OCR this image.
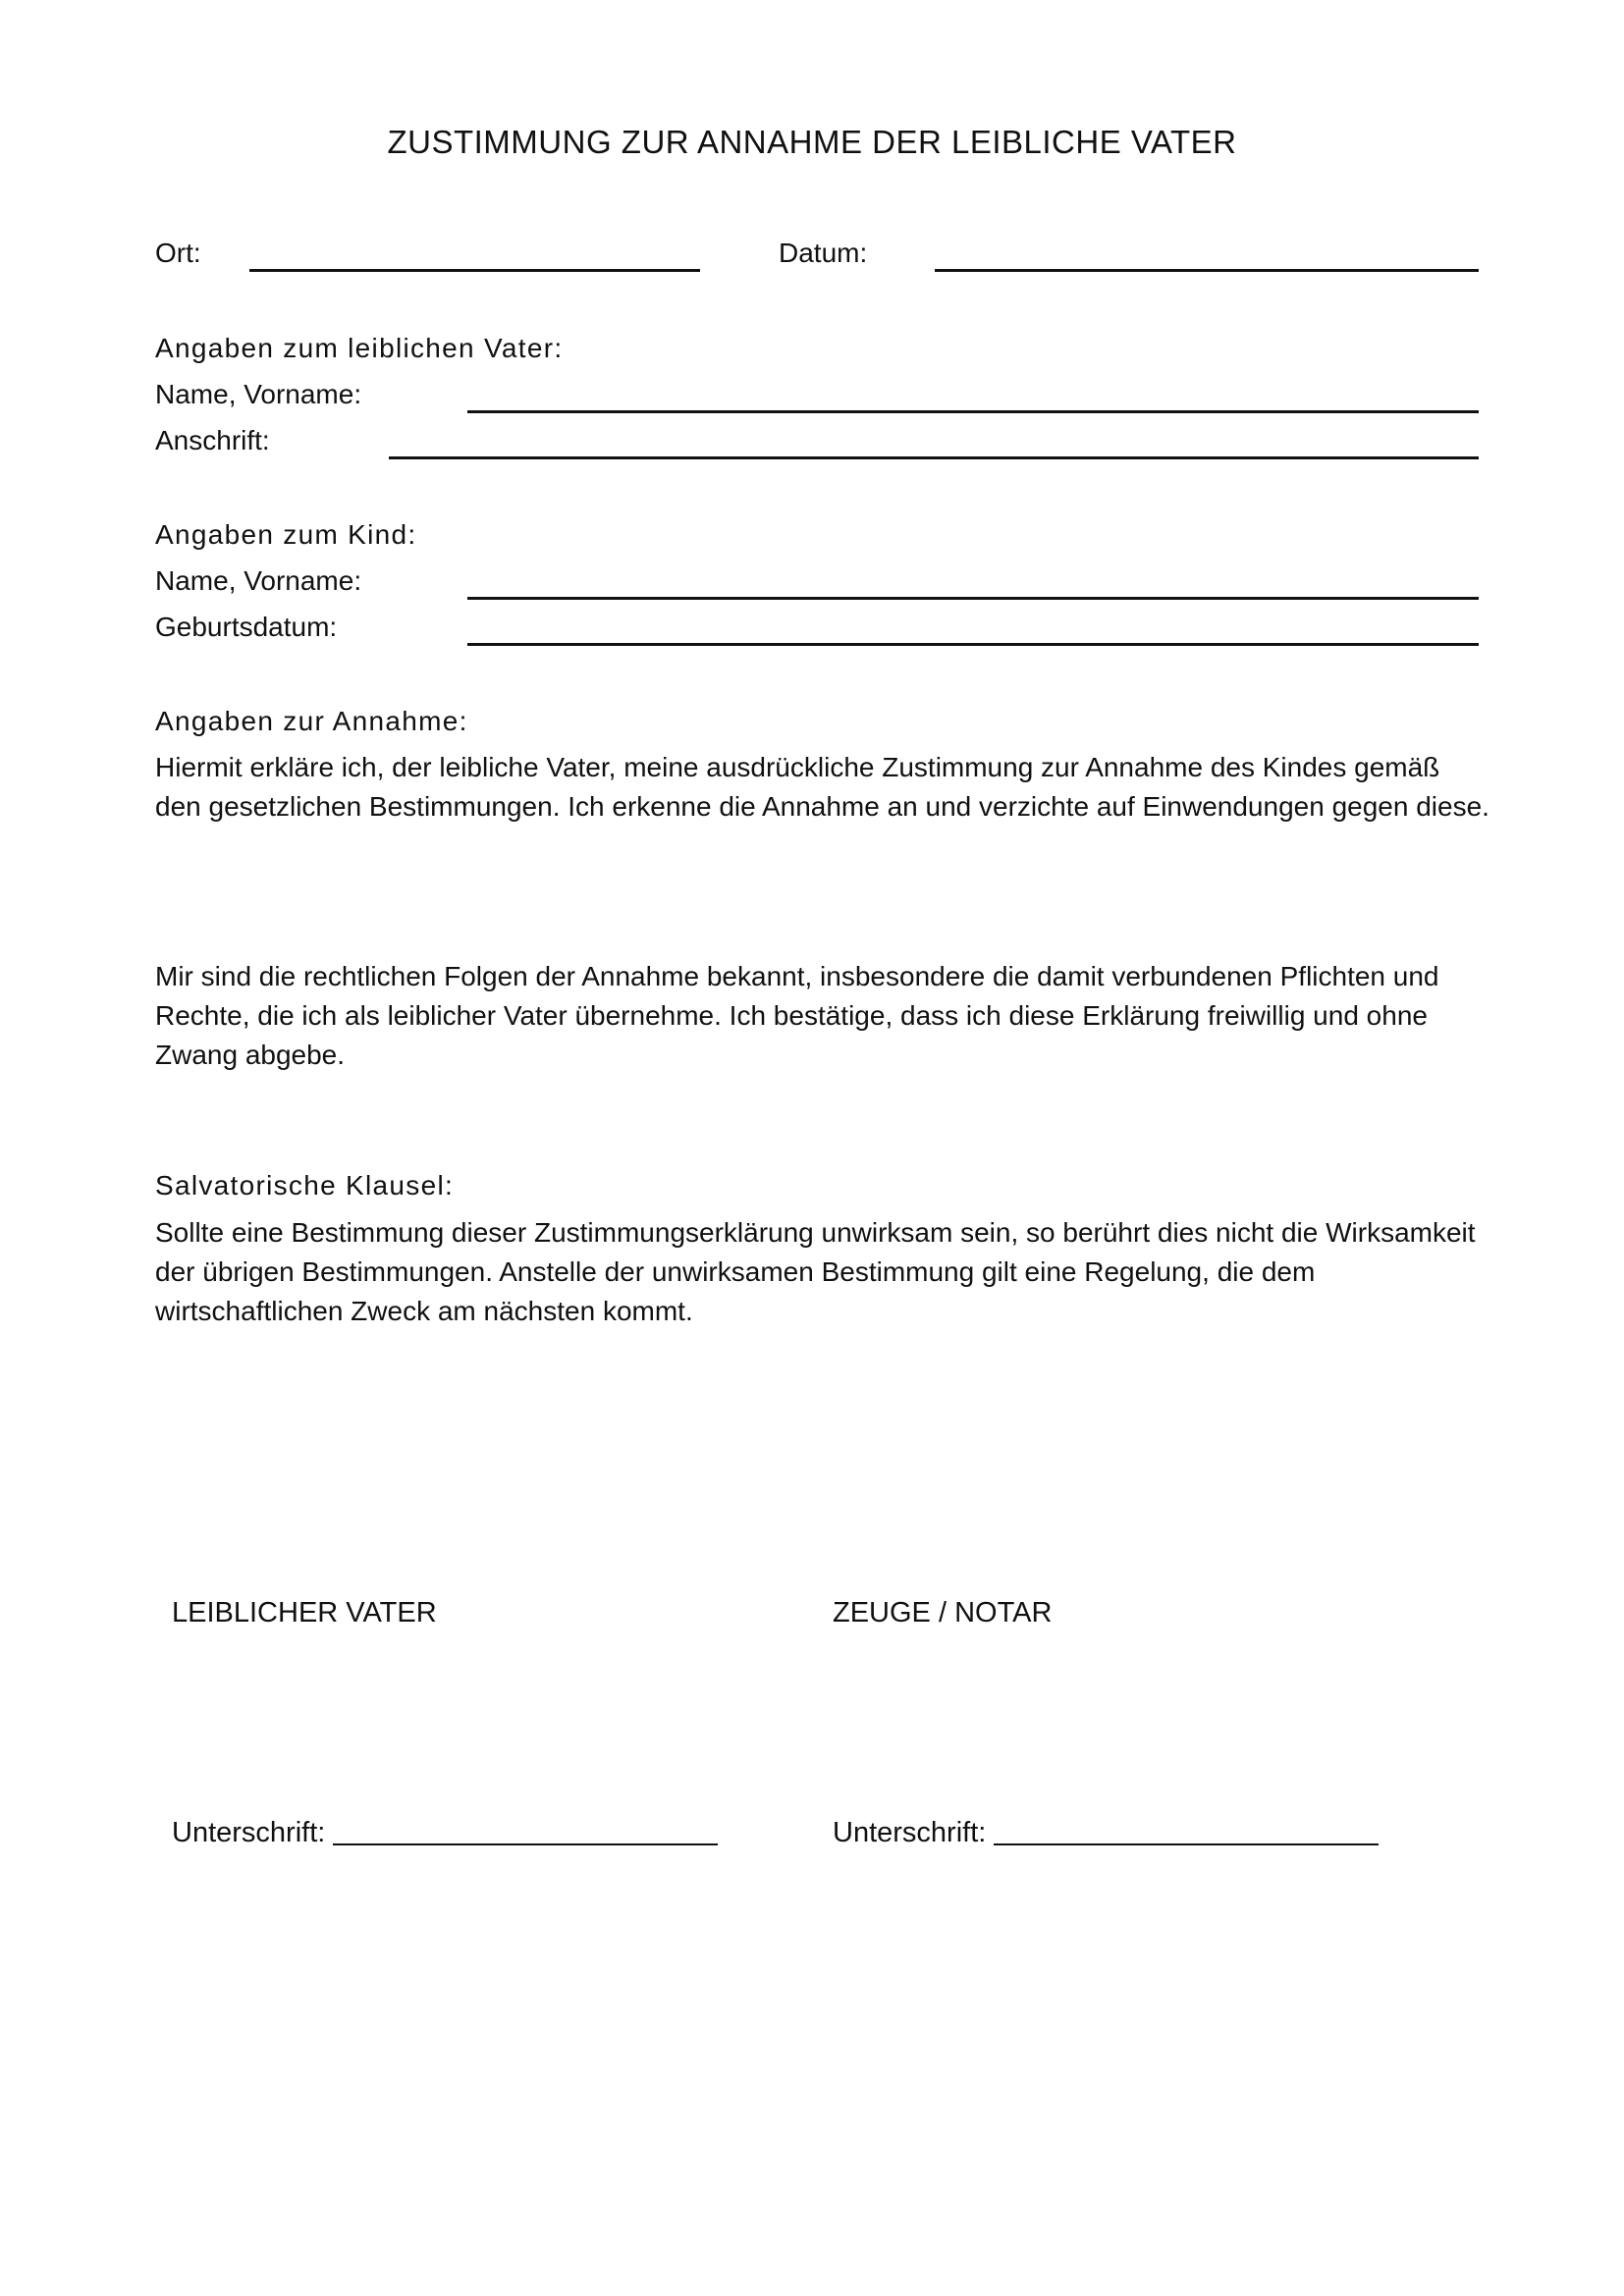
ZUSTIMMUNG ZUR ANNAHME DER LEIBLICHE VATER
Ort:	Datum:
Angaben zum leiblichen Vater:
Name, Vorname:
Anschrift:
Angaben zum Kind:
Name, Vorname:
Geburtsdatum:
Angaben zur Annahme:
Hiermit erkläre ich, der leibliche Vater, meine ausdrückliche Zustimmung zur Annahme des Kindes gemäß den gesetzlichen Bestimmungen. Ich erkenne die Annahme an und verzichte auf Einwendungen gegen diese.
Mir sind die rechtlichen Folgen der Annahme bekannt, insbesondere die damit verbundenen Pflichten und Rechte, die ich als leiblicher Vater übernehme. Ich bestätige, dass ich diese Erklärung freiwillig und ohne Zwang abgebe.
Salvatorische Klausel:
Sollte eine Bestimmung dieser Zustimmungserklärung unwirksam sein, so berührt dies nicht die Wirksamkeit der übrigen Bestimmungen. Anstelle der unwirksamen Bestimmung gilt eine Regelung, die dem wirtschaftlichen Zweck am nächsten kommt.
LEIBLICHER VATER	ZEUGE / NOTAR
Unterschrift:	Unterschrift:
